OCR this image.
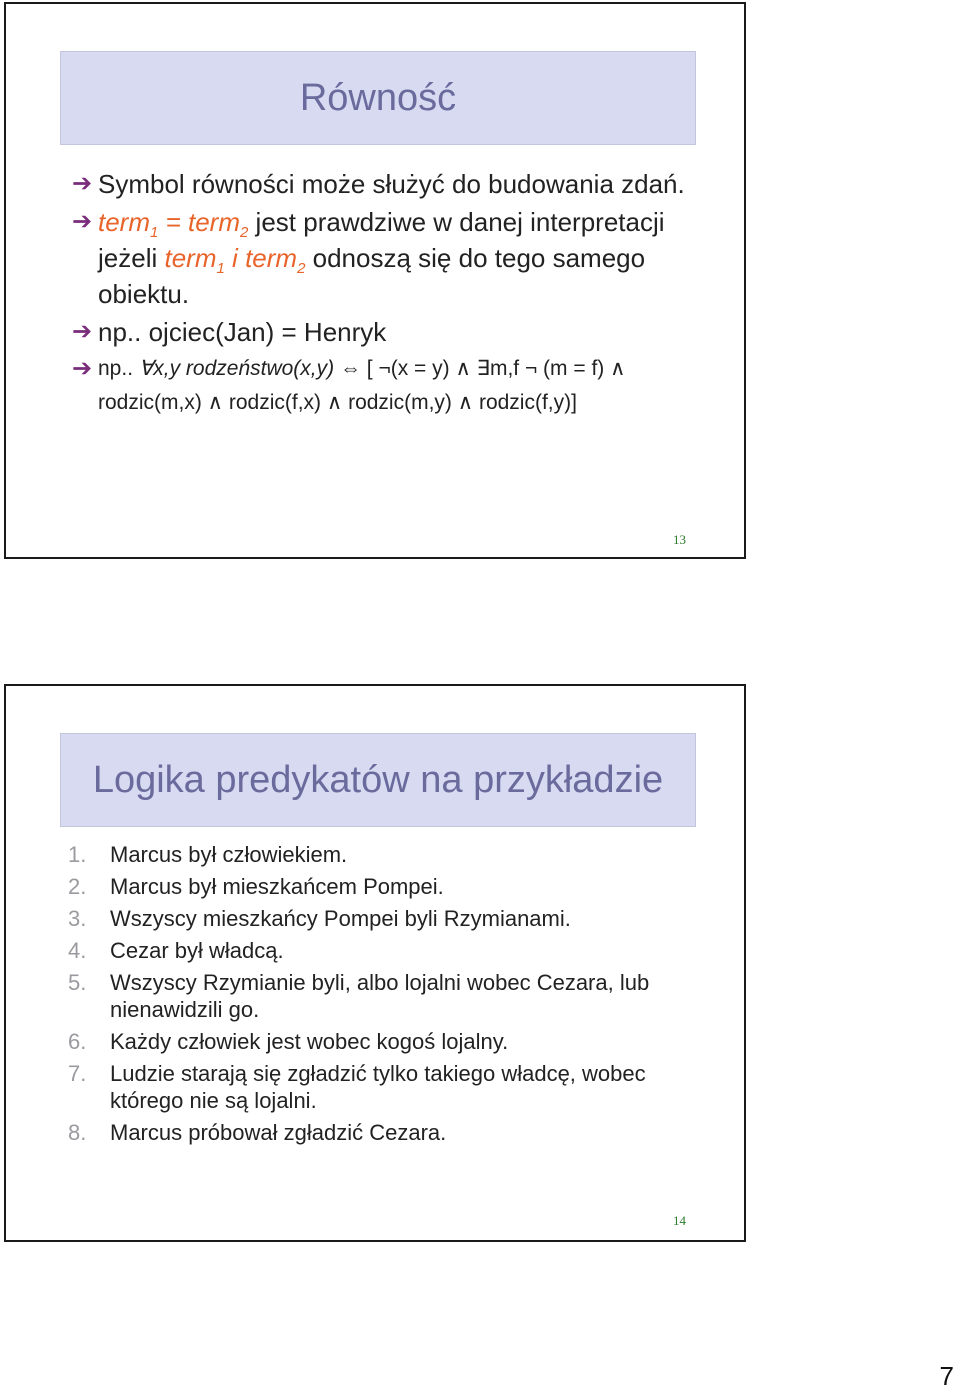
Równość
➔ Symbol równości może służyć do budowania zdań.
➔ term$_1$ = term$_2$ jest prawdziwe w danej interpretacji jeżeli term$_1$ i term$_2$ odnoszą się do tego samego obiektu.
➔ np.. ojciec(Jan) = Henryk
➔ np.. ∀x,y rodzeństwo(x,y) ⇔ [ ¬(x = y) ∧ ∃m,f ¬ (m = f) ∧ rodzic(m,x) ∧ rodzic(f,x) ∧ rodzic(m,y) ∧ rodzic(f,y)]
13
Logika predykatów na przykładzie
1. Marcus był człowiekiem.
2. Marcus był mieszkańcem Pompei.
3. Wszyscy mieszkańcy Pompei byli Rzymianami.
4. Cezar był władcą.
5. Wszyscy Rzymianie byli, albo lojalni wobec Cezara, lub nienawidzili go.
6. Każdy człowiek jest wobec kogoś lojalny.
7. Ludzie starają się zgładzić tylko takiego władcę, wobec którego nie są lojalni.
8. Marcus próbował zgładzić Cezara.
14
7
